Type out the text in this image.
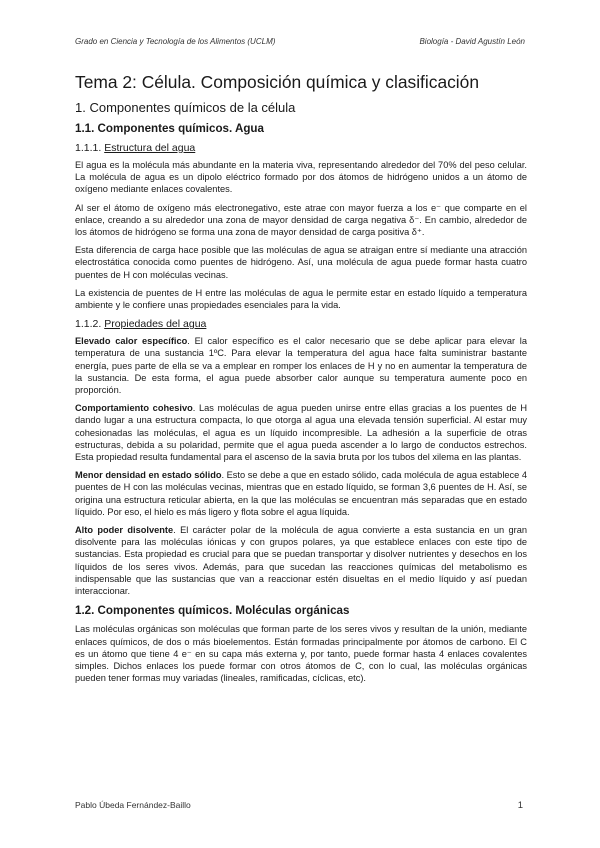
Grado en Ciencia y Tecnología de los Alimentos (UCLM)	Biología - David Agustín León
Tema 2: Célula. Composición química y clasificación
1. Componentes químicos de la célula
1.1. Componentes químicos. Agua
1.1.1. Estructura del agua

El agua es la molécula más abundante en la materia viva, representando alrededor del 70% del peso celular. La molécula de agua es un dipolo eléctrico formado por dos átomos de hidrógeno unidos a un átomo de oxígeno mediante enlaces covalentes.

Al ser el átomo de oxígeno más electronegativo, este atrae con mayor fuerza a los e⁻ que comparte en el enlace, creando a su alrededor una zona de mayor densidad de carga negativa δ⁻. En cambio, alrededor de los átomos de hidrógeno se forma una zona de mayor densidad de carga positiva δ⁺.

Esta diferencia de carga hace posible que las moléculas de agua se atraigan entre sí mediante una atracción electrostática conocida como puentes de hidrógeno. Así, una molécula de agua puede formar hasta cuatro puentes de H con moléculas vecinas.

La existencia de puentes de H entre las moléculas de agua le permite estar en estado líquido a temperatura ambiente y le confiere unas propiedades esenciales para la vida.

1.1.2. Propiedades del agua

Elevado calor específico. El calor específico es el calor necesario que se debe aplicar para elevar la temperatura de una sustancia 1ºC. Para elevar la temperatura del agua hace falta suministrar bastante energía, pues parte de ella se va a emplear en romper los enlaces de H y no en aumentar la temperatura de la sustancia. De esta forma, el agua puede absorber calor aunque su temperatura aumente poco en proporción.

Comportamiento cohesivo. Las moléculas de agua pueden unirse entre ellas gracias a los puentes de H dando lugar a una estructura compacta, lo que otorga al agua una elevada tensión superficial. Al estar muy cohesionadas las moléculas, el agua es un líquido incompresible. La adhesión a la superficie de otras estructuras, debida a su polaridad, permite que el agua pueda ascender a lo largo de conductos estrechos. Esta propiedad resulta fundamental para el ascenso de la savia bruta por los tubos del xilema en las plantas.

Menor densidad en estado sólido. Esto se debe a que en estado sólido, cada molécula de agua establece 4 puentes de H con las moléculas vecinas, mientras que en estado líquido, se forman 3,6 puentes de H. Así, se origina una estructura reticular abierta, en la que las moléculas se encuentran más separadas que en estado líquido. Por eso, el hielo es más ligero y flota sobre el agua líquida.

Alto poder disolvente. El carácter polar de la molécula de agua convierte a esta sustancia en un gran disolvente para las moléculas iónicas y con grupos polares, ya que establece enlaces con este tipo de sustancias. Esta propiedad es crucial para que se puedan transportar y disolver nutrientes y desechos en los líquidos de los seres vivos. Además, para que sucedan las reacciones químicas del metabolismo es indispensable que las sustancias que van a reaccionar estén disueltas en el medio líquido y así puedan interaccionar.

1.2. Componentes químicos. Moléculas orgánicas

Las moléculas orgánicas son moléculas que forman parte de los seres vivos y resultan de la unión, mediante enlaces químicos, de dos o más bioelementos. Están formadas principalmente por átomos de carbono. El C es un átomo que tiene 4 e⁻ en su capa más externa y, por tanto, puede formar hasta 4 enlaces covalentes simples. Dichos enlaces los puede formar con otros átomos de C, con lo cual, las moléculas orgánicas pueden tener formas muy variadas (lineales, ramificadas, cíclicas, etc).

Pablo Úbeda Fernández-Baillo	1
